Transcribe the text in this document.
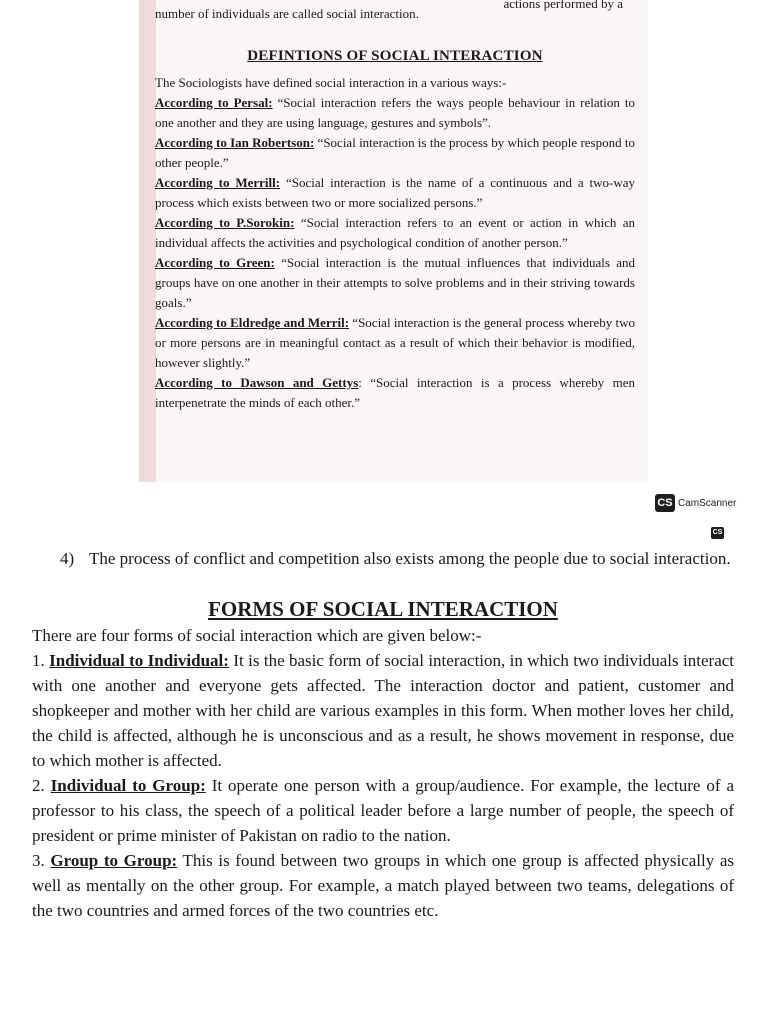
number of individuals are called social interaction.
actions performed by a
DEFINTIONS OF SOCIAL INTERACTION
The Sociologists have defined social interaction in a various ways:-
According to Persal: “Social interaction refers the ways people behaviour in relation to one another and they are using language, gestures and symbols”.
According to Ian Robertson: “Social interaction is the process by which people respond to other people.”
According to Merrill: “Social interaction is the name of a continuous and a two-way process which exists between two or more socialized persons.”
According to P.Sorokin: “Social interaction refers to an event or action in which an individual affects the activities and psychological condition of another person.”
According to Green: “Social interaction is the mutual influences that individuals and groups have on one another in their attempts to solve problems and in their striving towards goals.”
According to Eldredge and Merril: “Social interaction is the general process whereby two or more persons are in meaningful contact as a result of which their behavior is modified, however slightly.”
According to Dawson and Gettys: “Social interaction is a process whereby men interpenetrate the minds of each other.”
CS CamScanner
CS
4) The process of conflict and competition also exists among the people due to social interaction.
FORMS OF SOCIAL INTERACTION
There are four forms of social interaction which are given below:-
1. Individual to Individual: It is the basic form of social interaction, in which two individuals interact with one another and everyone gets affected. The interaction doctor and patient, customer and shopkeeper and mother with her child are various examples in this form. When mother loves her child, the child is affected, although he is unconscious and as a result, he shows movement in response, due to which mother is affected.
2. Individual to Group: It operate one person with a group/audience. For example, the lecture of a professor to his class, the speech of a political leader before a large number of people, the speech of president or prime minister of Pakistan on radio to the nation.
3. Group to Group: This is found between two groups in which one group is affected physically as well as mentally on the other group. For example, a match played between two teams, delegations of the two countries and armed forces of the two countries etc.
